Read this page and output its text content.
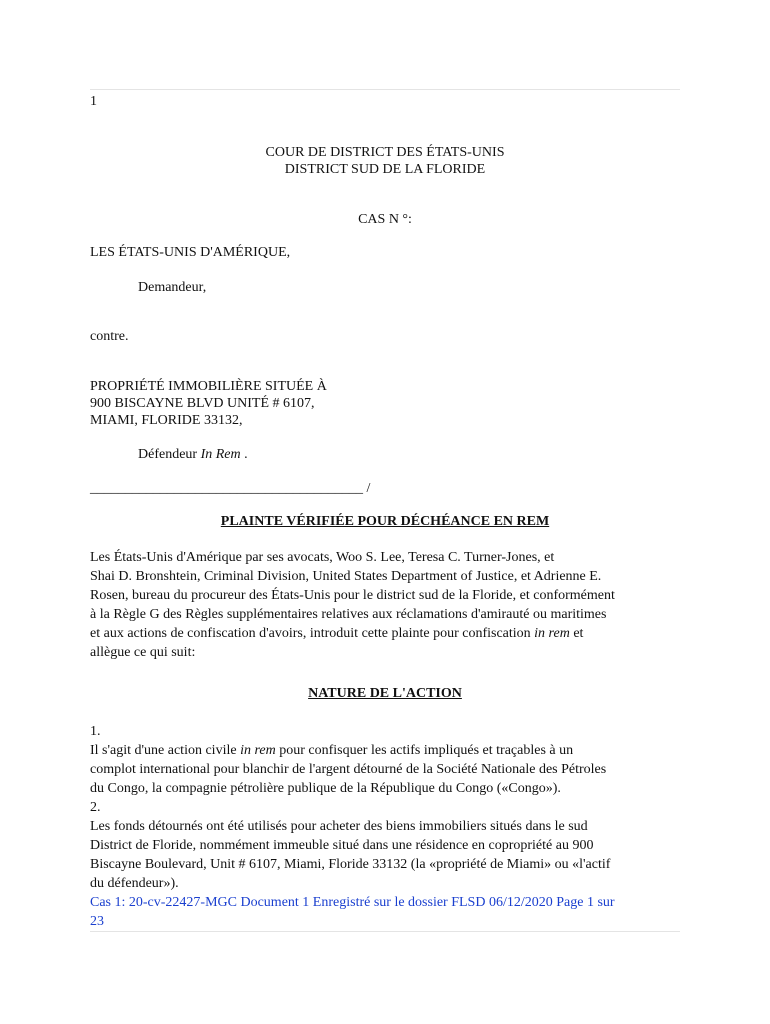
1
COUR DE DISTRICT DES ÉTATS-UNIS
DISTRICT SUD DE LA FLORIDE
CAS N °:
LES ÉTATS-UNIS D'AMÉRIQUE,
Demandeur,
contre.
PROPRIÉTÉ IMMOBILIÈRE SITUÉE À
900 BISCAYNE BLVD UNITÉ # 6107,
MIAMI, FLORIDE 33132,
Défendeur In Rem .
_______________________________________ /
PLAINTE VÉRIFIÉE POUR DÉCHÉANCE EN REM
Les États-Unis d'Amérique par ses avocats, Woo S. Lee, Teresa C. Turner-Jones, et
Shai D. Bronshtein, Criminal Division, United States Department of Justice, et Adrienne E.
Rosen, bureau du procureur des États-Unis pour le district sud de la Floride, et conformément
à la Règle G des Règles supplémentaires relatives aux réclamations d'amirauté ou maritimes
et aux actions de confiscation d'avoirs, introduit cette plainte pour confiscation in rem et
allègue ce qui suit:
NATURE DE L'ACTION
1.
Il s'agit d'une action civile in rem pour confisquer les actifs impliqués et traçables à un
complot international pour blanchir de l'argent détourné de la Société Nationale des Pétroles
du Congo, la compagnie pétrolière publique de la République du Congo («Congo»).
2.
Les fonds détournés ont été utilisés pour acheter des biens immobiliers situés dans le sud
District de Floride, nommément immeuble situé dans une résidence en copropriété au 900
Biscayne Boulevard, Unit # 6107, Miami, Floride 33132 (la «propriété de Miami» ou «l'actif
du défendeur»).
Cas 1: 20-cv-22427-MGC Document 1 Enregistré sur le dossier FLSD 06/12/2020 Page 1 sur
23
